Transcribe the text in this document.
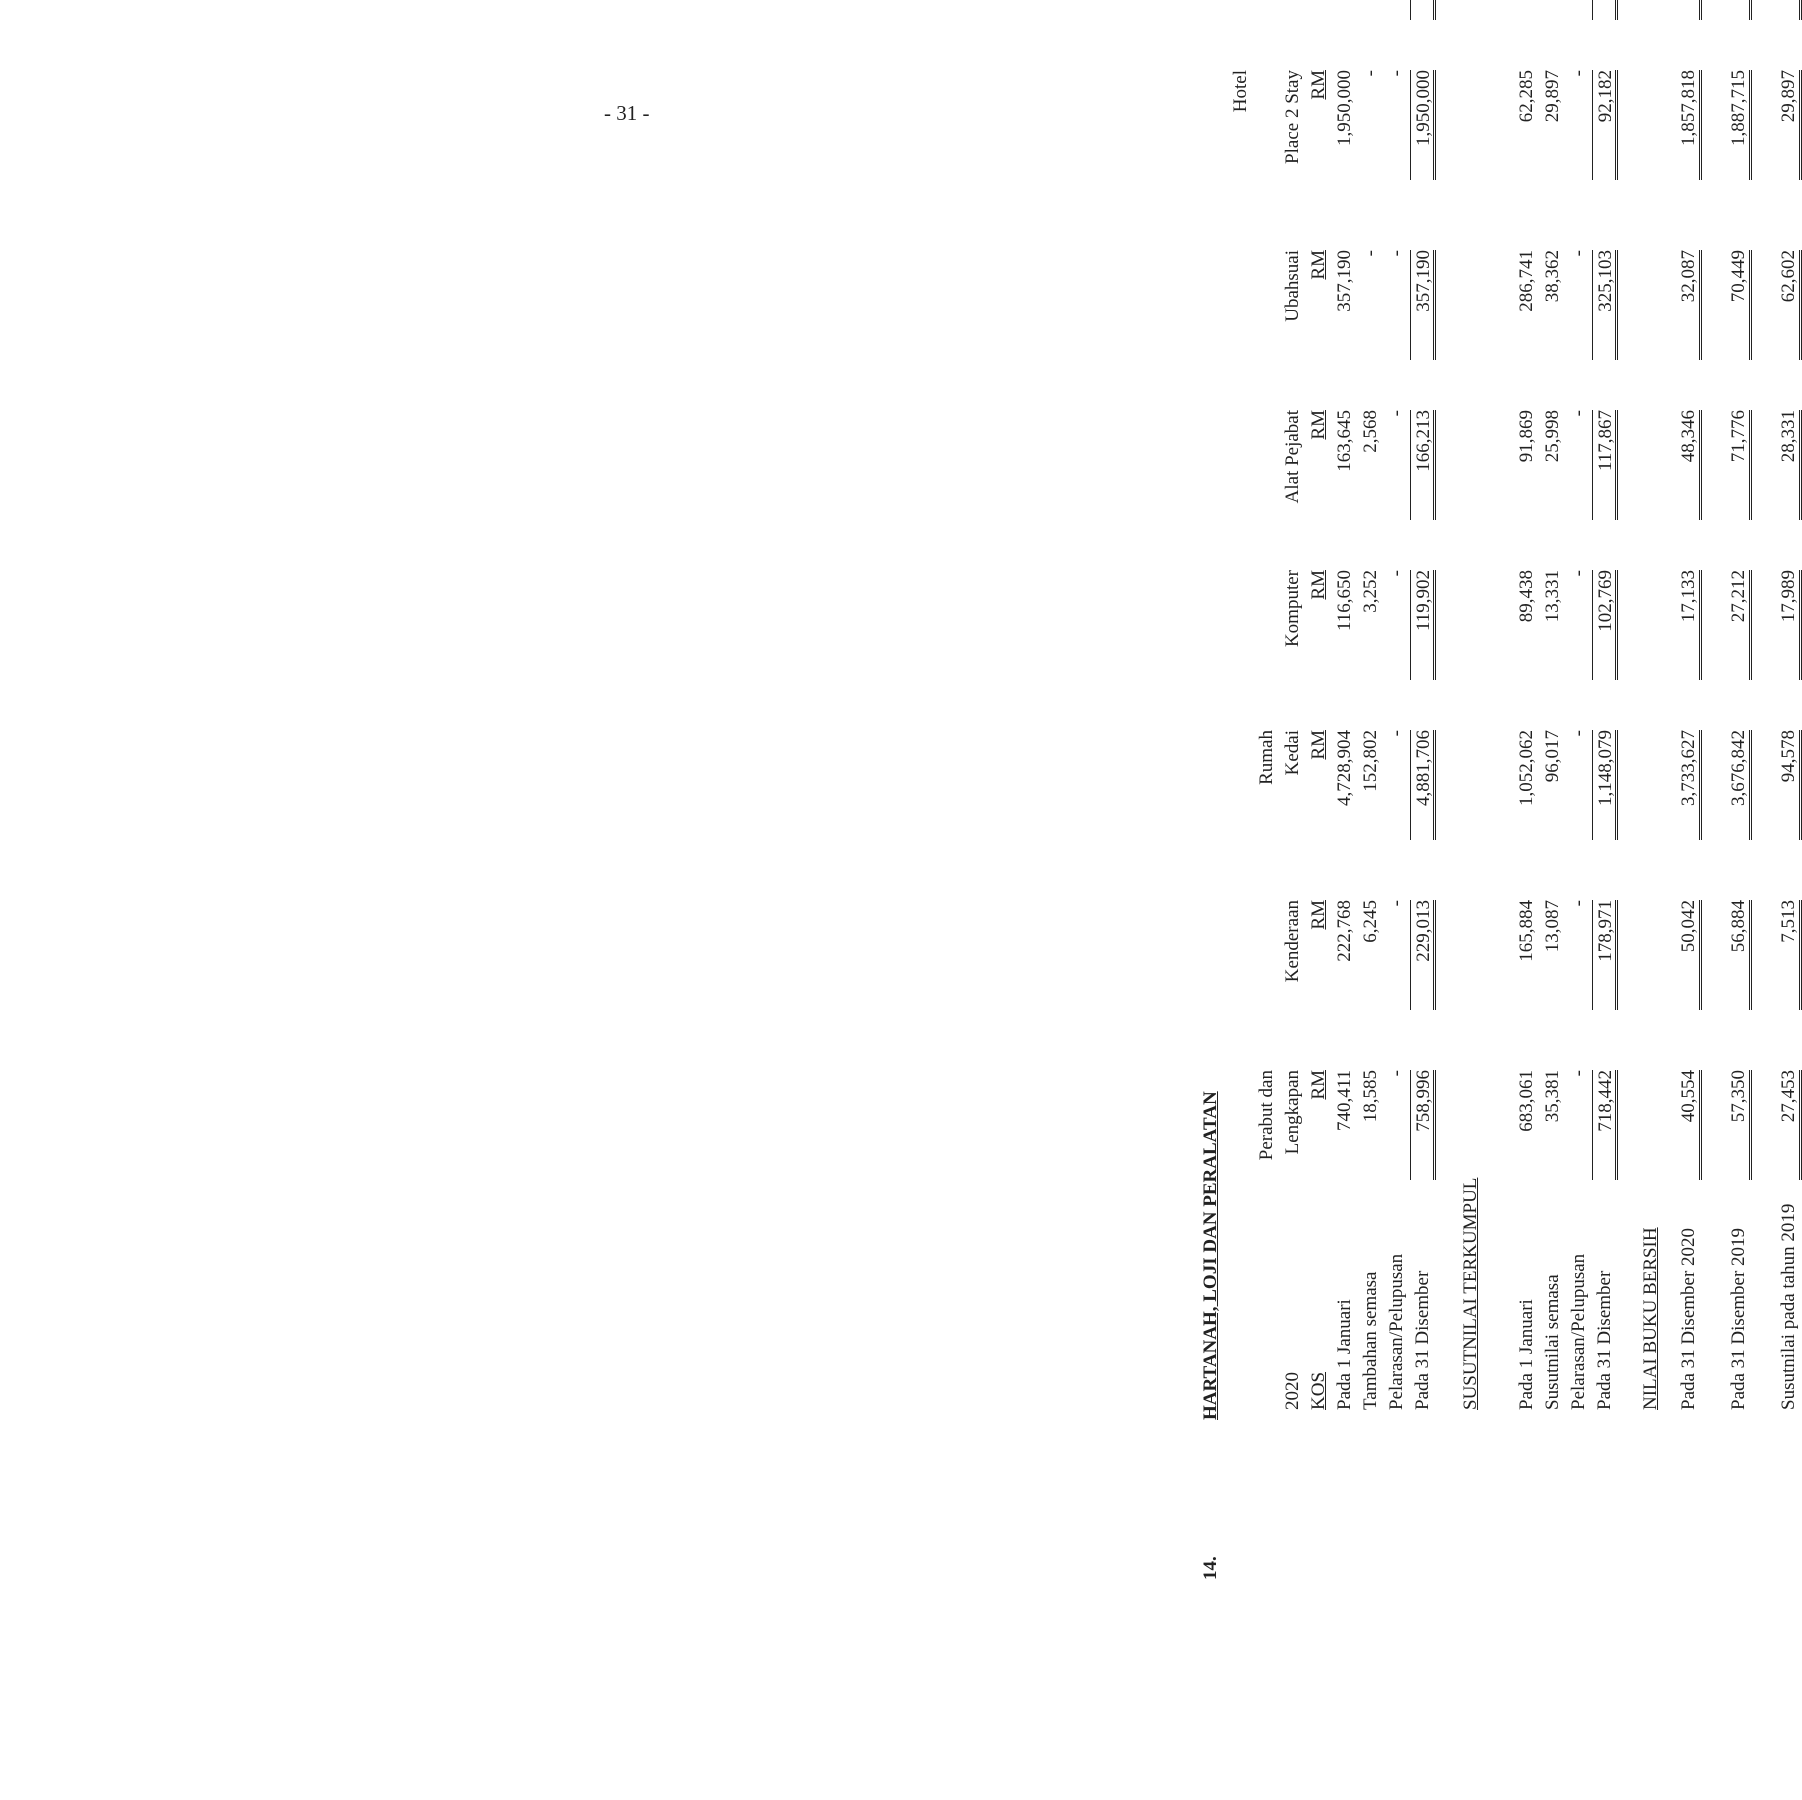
- 31 -
14.
HARTANAH, LOJI DAN PERALATAN	2020 KOS Pada 1 Januari Tambahan semasa Pelarasan/Pelupusan Pada 31 Disember SUSUTNILAI TERKUMPUL Pada 1 Januari Susutnilai semasa Pelarasan/Pelupusan Pada 31 Disember NILAI BUKU BERSIH Pada 31 Disember 2020 Pada 31 Disember 2019 Susutnilai pada tahun 2019
Perabut dan Lengkapan RM
Kenderaan RM
Rumah Kedai RM
Komputer RM
Alat Pejabat RM
Ubahsuai RM
Hotel Place 2 Stay RM
740,411
222,768
4,728,904
116,650
163,645
357,190
1,950,000
18,585
6,245
152,802
3,252
2,568
-
-
-
-
-
-
-
-
-
758,996
229,013
4,881,706
119,902
166,213
357,190
1,950,000
683,061
165,884
1,052,062
89,438
91,869
286,741
62,285
35,381
13,087
96,017
13,331
25,998
38,362
29,897
-
-
-
-
-
-
-
718,442
178,971
1,148,079
102,769
117,867
325,103
92,182
40,554
50,042
3,733,627
17,133
48,346
32,087
1,857,818
57,350
56,884
3,676,842
27,212
71,776
70,449
1,887,715
27,453
7,513
94,578
17,989
28,331
62,602
29,897
